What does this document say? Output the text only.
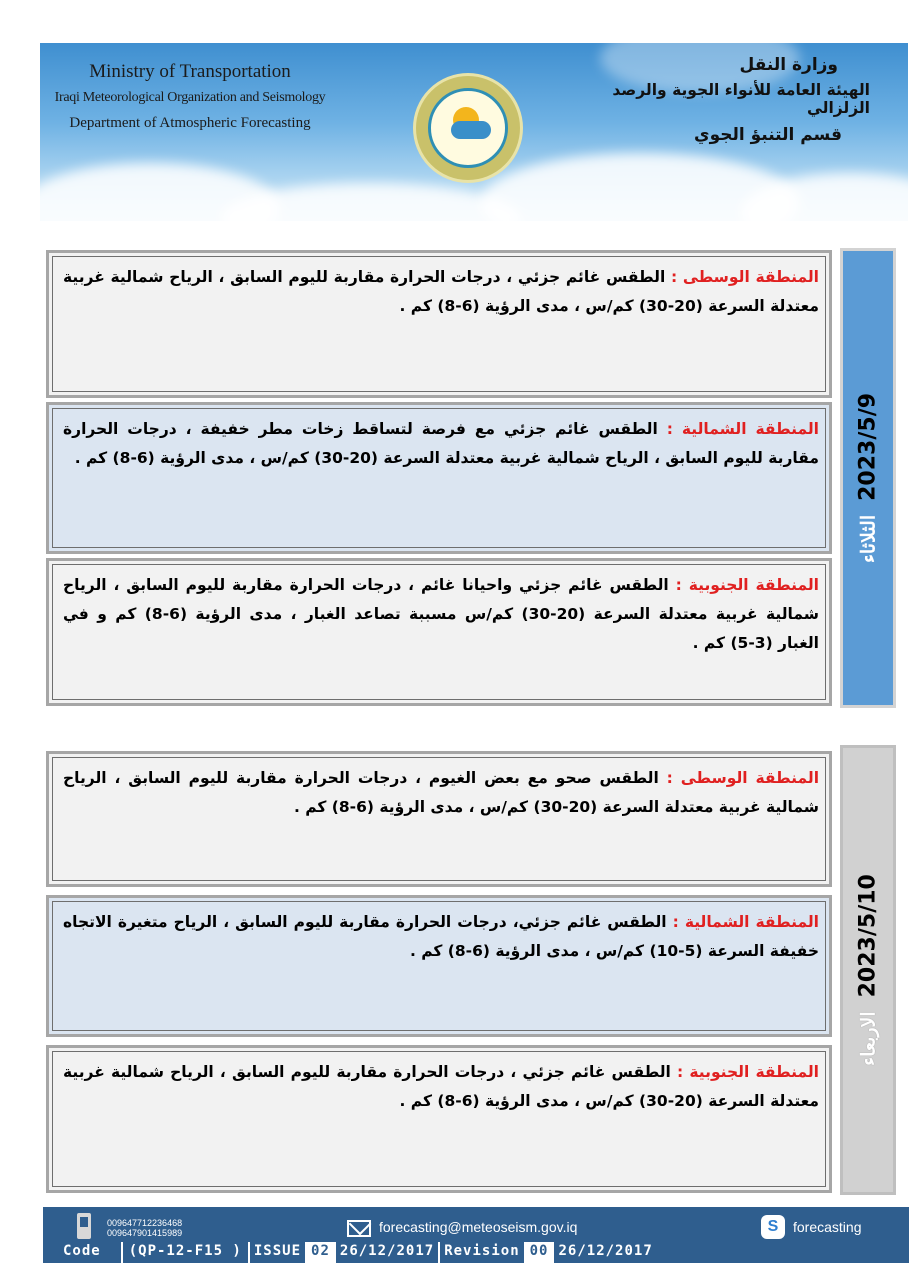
Ministry of Transportation
Iraqi Meteorological Organization and Seismology
Department of Atmospheric Forecasting
وزارة النقل
الهيئة العامة للأنواء الجوية والرصد الزلزالي
قسم التنبؤ الجوي
2023/5/9
الثلاثاء

المنطقة الوسطى : الطقس غائم جزئي ، درجات الحرارة مقاربة لليوم السابق ، الرياح شمالية غربية معتدلة السرعة (20-30) كم/س ، مدى الرؤية (6-8) كم .

المنطقة الشمالية : الطقس غائم جزئي مع فرصة لتساقط زخات مطر خفيفة ، درجات الحرارة مقاربة لليوم السابق ، الرياح شمالية غربية معتدلة السرعة (20-30) كم/س ، مدى الرؤية (6-8) كم .

المنطقة الجنوبية : الطقس غائم جزئي واحيانا غائم ، درجات الحرارة مقاربة لليوم السابق ، الرياح شمالية غربية معتدلة السرعة (20-30) كم/س مسببة تصاعد الغبار ، مدى الرؤية (6-8) كم و في الغبار (3-5) كم .

2023/5/10
الاربعاء

المنطقة الوسطى : الطقس صحو مع بعض الغيوم ، درجات الحرارة مقاربة لليوم السابق ، الرياح شمالية غربية معتدلة السرعة (20-30) كم/س ، مدى الرؤية (6-8) كم .

المنطقة الشمالية : الطقس غائم جزئي، درجات الحرارة مقاربة لليوم السابق ، الرياح متغيرة الاتجاه خفيفة السرعة (5-10) كم/س ، مدى الرؤية (6-8) كم .

المنطقة الجنوبية : الطقس غائم جزئي ، درجات الحرارة مقاربة لليوم السابق ، الرياح شمالية غربية معتدلة السرعة (20-30) كم/س ، مدى الرؤية (6-8) كم .

009647712236468
009647901415989	forecasting@meteoseism.gov.iq	S	forecasting
Code	(QP-12-F15 ) ISSUE 02 26/12/2017 Revision 00 26/12/2017
